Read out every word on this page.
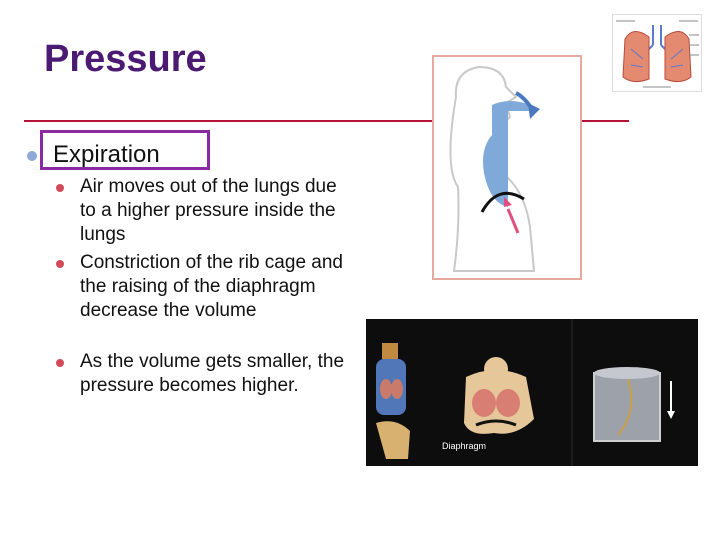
Pressure
Expiration
Air moves out of the lungs due to a higher pressure inside the lungs
Constriction of the rib cage and the raising of the diaphragm decrease the volume
As the volume gets smaller, the pressure becomes higher.
Diaphragm
